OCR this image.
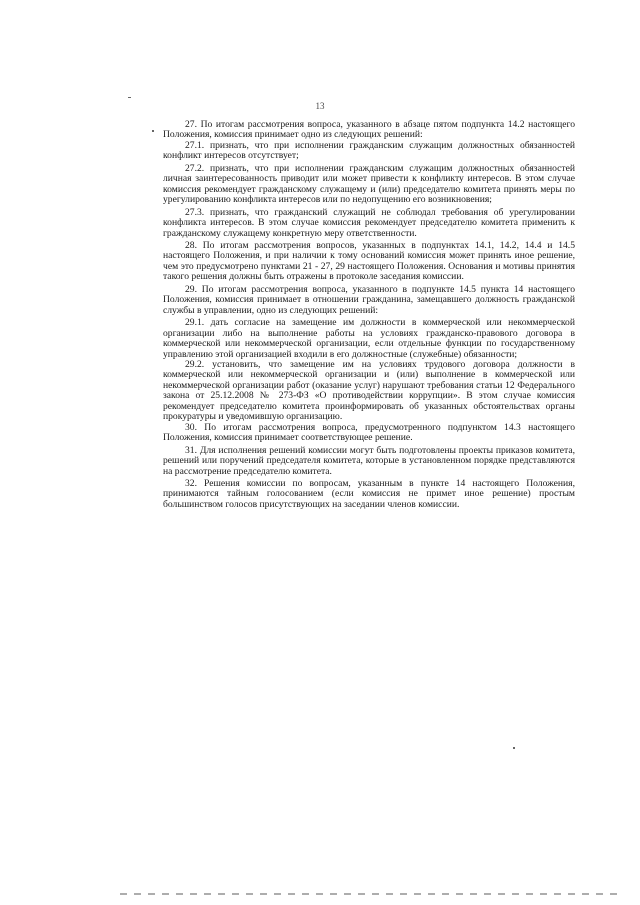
13

27. По итогам рассмотрения вопроса, указанного в абзаце пятом подпункта 14.2 настоящего Положения, комиссия принимает одно из следующих решений:

27.1. признать, что при исполнении гражданским служащим должностных обязанностей конфликт интересов отсутствует;

27.2. признать, что при исполнении гражданским служащим должностных обязанностей личная заинтересованность приводит или может привести к конфликту интересов. В этом случае комиссия рекомендует гражданскому служащему и (или) председателю комитета принять меры по урегулированию конфликта интересов или по недопущению его возникновения;

27.3. признать, что гражданский служащий не соблюдал требования об урегулировании конфликта интересов. В этом случае комиссия рекомендует председателю комитета применить к гражданскому служащему конкретную меру ответственности.

28. По итогам рассмотрения вопросов, указанных в подпунктах 14.1, 14.2, 14.4 и 14.5 настоящего Положения, и при наличии к тому оснований комиссия может принять иное решение, чем это предусмотрено пунктами 21 - 27, 29 настоящего Положения. Основания и мотивы принятия такого решения должны быть отражены в протоколе заседания комиссии.

29. По итогам рассмотрения вопроса, указанного в подпункте 14.5 пункта 14 настоящего Положения, комиссия принимает в отношении гражданина, замещавшего должность гражданской службы в управлении, одно из следующих решений:

29.1. дать согласие на замещение им должности в коммерческой или некоммерческой организации либо на выполнение работы на условиях гражданско-правового договора в коммерческой или некоммерческой организации, если отдельные функции по государственному управлению этой организацией входили в его должностные (служебные) обязанности;

29.2. установить, что замещение им на условиях трудового договора должности в коммерческой или некоммерческой организации и (или) выполнение в коммерческой или некоммерческой организации работ (оказание услуг) нарушают требования статьи 12 Федерального закона от 25.12.2008 № 273-ФЗ «О противодействии коррупции». В этом случае комиссия рекомендует председателю комитета проинформировать об указанных обстоятельствах органы прокуратуры и уведомившую организацию.

30. По итогам рассмотрения вопроса, предусмотренного подпунктом 14.3 настоящего Положения, комиссия принимает соответствующее решение.

31. Для исполнения решений комиссии могут быть подготовлены проекты приказов комитета, решений или поручений председателя комитета, которые в установленном порядке представляются на рассмотрение председателю комитета.

32. Решения комиссии по вопросам, указанным в пункте 14 настоящего Положения, принимаются тайным голосованием (если комиссия не примет иное решение) простым большинством голосов присутствующих на заседании членов комиссии.
